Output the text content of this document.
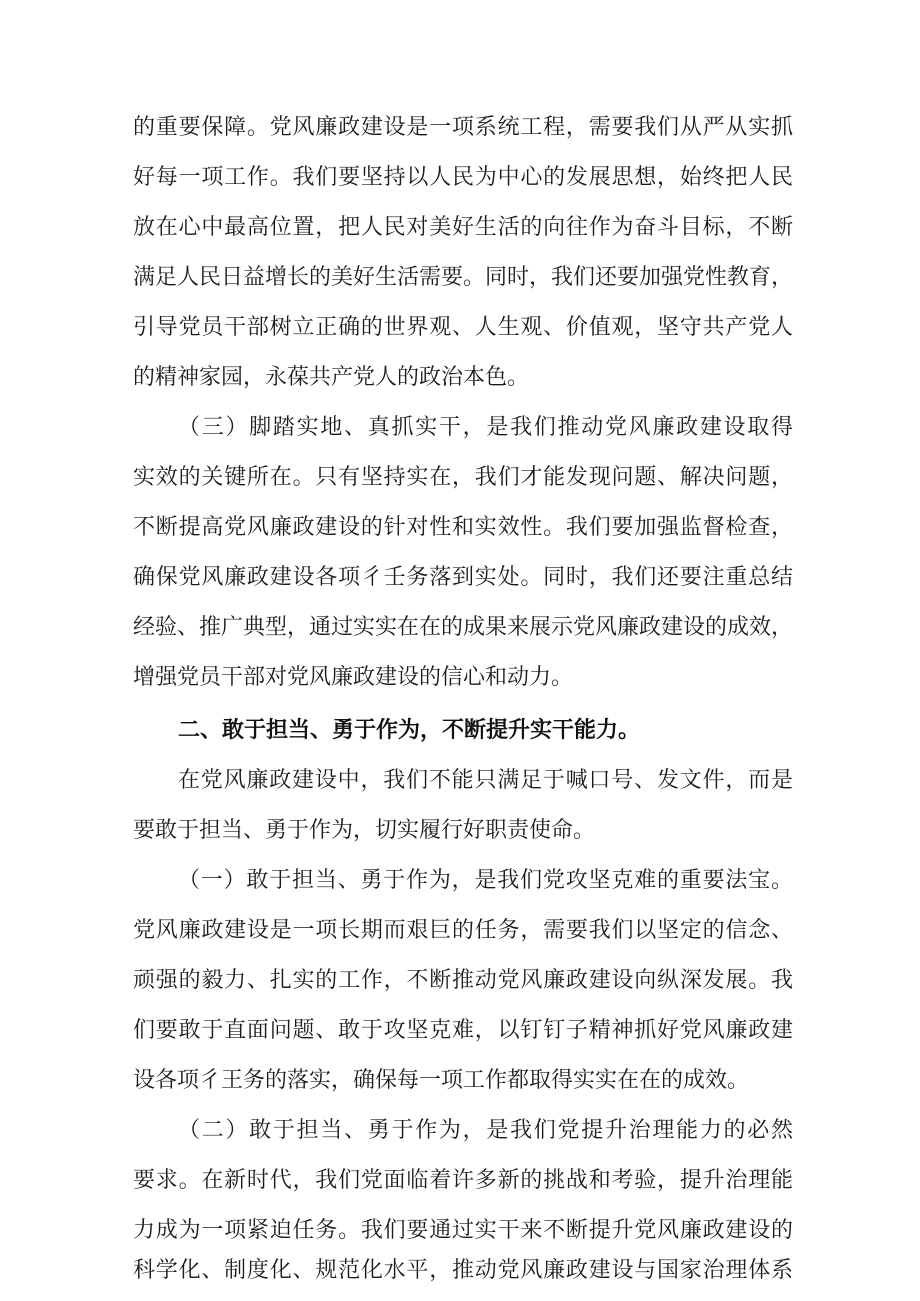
的重要保障。党风廉政建设是一项系统工程，需要我们从严从实抓
好每一项工作。我们要坚持以人民为中心的发展思想，始终把人民
放在心中最高位置，把人民对美好生活的向往作为奋斗目标，不断
满足人民日益增长的美好生活需要。同时，我们还要加强党性教育，
引导党员干部树立正确的世界观、人生观、价值观，坚守共产党人
的精神家园，永葆共产党人的政治本色。
（三）脚踏实地、真抓实干，是我们推动党风廉政建设取得
实效的关键所在。只有坚持实在，我们才能发现问题、解决问题，
不断提高党风廉政建设的针对性和实效性。我们要加强监督检查，
确保党风廉政建设各项彳壬务落到实处。同时，我们还要注重总结
经验、推广典型，通过实实在在的成果来展示党风廉政建设的成效，
增强党员干部对党风廉政建设的信心和动力。
二、敢于担当、勇于作为，不断提升实干能力。
在党风廉政建设中，我们不能只满足于喊口号、发文件，而是
要敢于担当、勇于作为，切实履行好职责使命。
（一）敢于担当、勇于作为，是我们党攻坚克难的重要法宝。
党风廉政建设是一项长期而艰巨的任务，需要我们以坚定的信念、
顽强的毅力、扎实的工作，不断推动党风廉政建设向纵深发展。我
们要敢于直面问题、敢于攻坚克难，以钉钉子精神抓好党风廉政建
设各项彳王务的落实，确保每一项工作都取得实实在在的成效。
（二）敢于担当、勇于作为，是我们党提升治理能力的必然
要求。在新时代，我们党面临着许多新的挑战和考验，提升治理能
力成为一项紧迫任务。我们要通过实干来不断提升党风廉政建设的
科学化、制度化、规范化水平，推动党风廉政建设与国家治理体系
